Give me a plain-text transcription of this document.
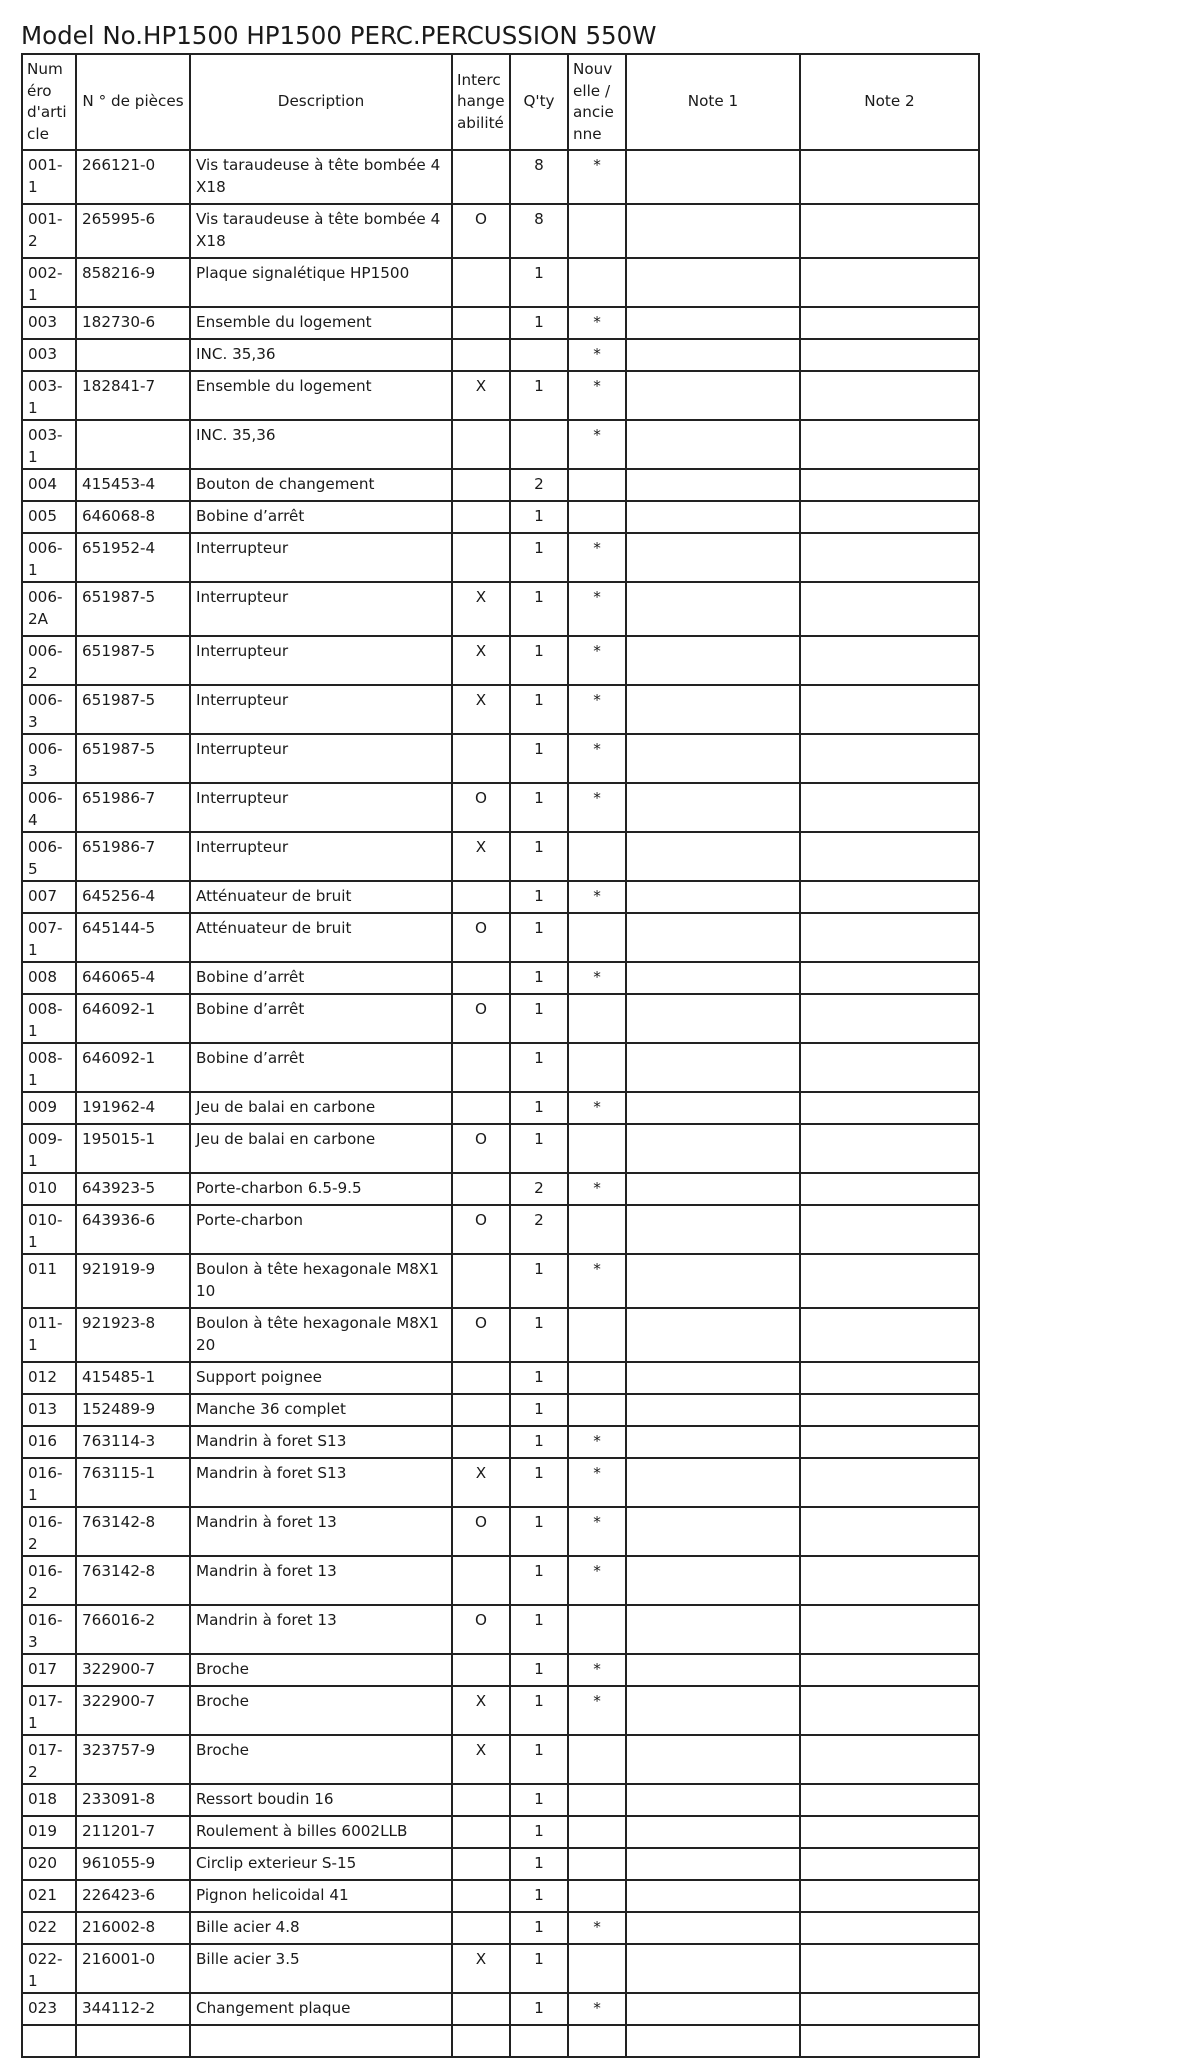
Model No.HP1500 HP1500 PERC.PERCUSSION 550W
Numéro d'article	N ° de pièces	Description	Interchangeabilité	Q'ty	Nouvelle / ancienne	Note 1	Note 2
001-1	266121-0	Vis taraudeuse à tête bombée 4X18		8	*		
001-2	265995-6	Vis taraudeuse à tête bombée 4X18	O	8			
002-1	858216-9	Plaque signalétique HP1500		1			
003	182730-6	Ensemble du logement		1	*		
003		INC. 35,36			*		
003-1	182841-7	Ensemble du logement	X	1	*		
003-1		INC. 35,36			*		
004	415453-4	Bouton de changement		2			
005	646068-8	Bobine d’arrêt		1			
006-1	651952-4	Interrupteur		1	*		
006-2A	651987-5	Interrupteur	X	1	*		
006-2	651987-5	Interrupteur	X	1	*		
006-3	651987-5	Interrupteur	X	1	*		
006-3	651987-5	Interrupteur		1	*		
006-4	651986-7	Interrupteur	O	1	*		
006-5	651986-7	Interrupteur	X	1			
007	645256-4	Atténuateur de bruit		1	*		
007-1	645144-5	Atténuateur de bruit	O	1			
008	646065-4	Bobine d’arrêt		1	*		
008-1	646092-1	Bobine d’arrêt	O	1			
008-1	646092-1	Bobine d’arrêt		1			
009	191962-4	Jeu de balai en carbone		1	*		
009-1	195015-1	Jeu de balai en carbone	O	1			
010	643923-5	Porte-charbon 6.5-9.5		2	*		
010-1	643936-6	Porte-charbon	O	2			
011	921919-9	Boulon à tête hexagonale M8X110		1	*		
011-1	921923-8	Boulon à tête hexagonale M8X120	O	1			
012	415485-1	Support poignee		1			
013	152489-9	Manche 36 complet		1			
016	763114-3	Mandrin à foret S13		1	*		
016-1	763115-1	Mandrin à foret S13	X	1	*		
016-2	763142-8	Mandrin à foret 13	O	1	*		
016-2	763142-8	Mandrin à foret 13		1	*		
016-3	766016-2	Mandrin à foret 13	O	1			
017	322900-7	Broche		1	*		
017-1	322900-7	Broche	X	1	*		
017-2	323757-9	Broche	X	1			
018	233091-8	Ressort boudin 16		1			
019	211201-7	Roulement à billes 6002LLB		1			
020	961055-9	Circlip exterieur S-15		1			
021	226423-6	Pignon helicoidal 41		1			
022	216002-8	Bille acier 4.8		1	*		
022-1	216001-0	Bille acier 3.5	X	1			
023	344112-2	Changement plaque		1	*		
